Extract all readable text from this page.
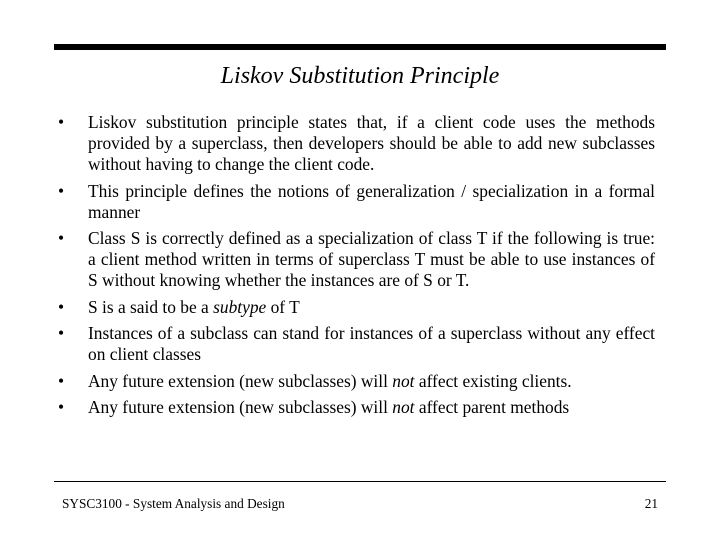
Liskov Substitution Principle
• Liskov substitution principle states that, if a client code uses the methods provided by a superclass, then developers should be able to add new subclasses without having to change the client code.
• This principle defines the notions of generalization / specialization in a formal manner
• Class S is correctly defined as a specialization of class T if the following is true: a client method written in terms of superclass T must be able to use instances of S without knowing whether the instances are of S or T.
• S is a said to be a subtype of T
• Instances of a subclass can stand for instances of a superclass without any effect on client classes
• Any future extension (new subclasses) will not affect existing clients.
• Any future extension (new subclasses) will not affect parent methods
SYSC3100 - System Analysis and Design	21
